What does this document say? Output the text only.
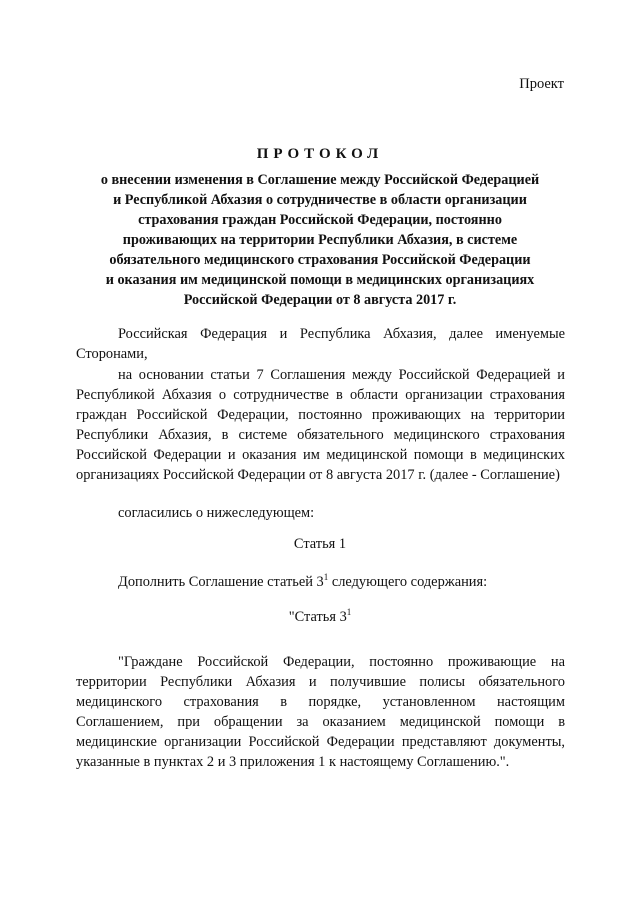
Проект
ПРОТОКОЛ
о внесении изменения в Соглашение между Российской Федерацией
и Республикой Абхазия о сотрудничестве в области организации
страхования граждан Российской Федерации, постоянно
проживающих на территории Республики Абхазия, в системе
обязательного медицинского страхования Российской Федерации
и оказания им медицинской помощи в медицинских организациях
Российской Федерации от 8 августа 2017 г.
Российская Федерация и Республика Абхазия, далее именуемые Сторонами,
на основании статьи 7 Соглашения между Российской Федерацией и Республикой Абхазия о сотрудничестве в области организации страхования граждан Российской Федерации, постоянно проживающих на территории Республики Абхазия, в системе обязательного медицинского страхования Российской Федерации и оказания им медицинской помощи в медицинских организациях Российской Федерации от 8 августа 2017 г. (далее - Соглашение)
согласились о нижеследующем:
Статья 1
Дополнить Соглашение статьей $3^1$ следующего содержания:
"Статья $3^1$
"Граждане Российской Федерации, постоянно проживающие на территории Республики Абхазия и получившие полисы обязательного медицинского страхования в порядке, установленном настоящим Соглашением, при обращении за оказанием медицинской помощи в медицинские организации Российской Федерации представляют документы, указанные в пунктах 2 и 3 приложения 1 к настоящему Соглашению.".
